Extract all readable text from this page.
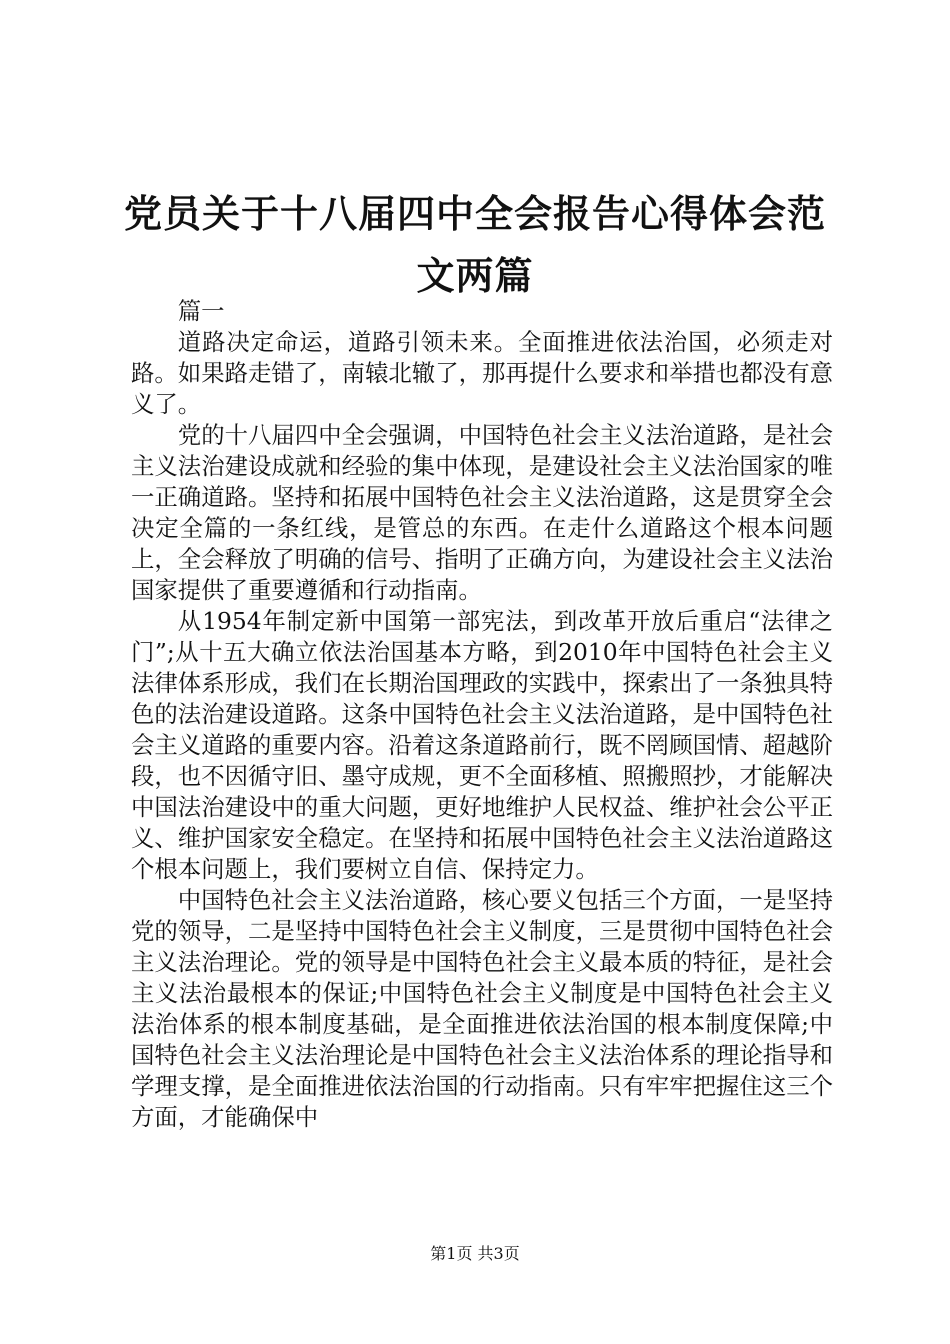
党员关于十八届四中全会报告心得体会范文两篇

篇一

道路决定命运，道路引领未来。全面推进依法治国，必须走对路。如果路走错了，南辕北辙了，那再提什么要求和举措也都没有意义了。

党的十八届四中全会强调，中国特色社会主义法治道路，是社会主义法治建设成就和经验的集中体现，是建设社会主义法治国家的唯一正确道路。坚持和拓展中国特色社会主义法治道路，这是贯穿全会决定全篇的一条红线，是管总的东西。在走什么道路这个根本问题上，全会释放了明确的信号、指明了正确方向，为建设社会主义法治国家提供了重要遵循和行动指南。

从1954年制定新中国第一部宪法，到改革开放后重启“法律之门”;从十五大确立依法治国基本方略，到2010年中国特色社会主义法律体系形成，我们在长期治国理政的实践中，探索出了一条独具特色的法治建设道路。这条中国特色社会主义法治道路，是中国特色社会主义道路的重要内容。沿着这条道路前行，既不罔顾国情、超越阶段，也不因循守旧、墨守成规，更不全面移植、照搬照抄，才能解决中国法治建设中的重大问题，更好地维护人民权益、维护社会公平正义、维护国家安全稳定。在坚持和拓展中国特色社会主义法治道路这个根本问题上，我们要树立自信、保持定力。

中国特色社会主义法治道路，核心要义包括三个方面，一是坚持党的领导，二是坚持中国特色社会主义制度，三是贯彻中国特色社会主义法治理论。党的领导是中国特色社会主义最本质的特征，是社会主义法治最根本的保证;中国特色社会主义制度是中国特色社会主义法治体系的根本制度基础，是全面推进依法治国的根本制度保障;中国特色社会主义法治理论是中国特色社会主义法治体系的理论指导和学理支撑，是全面推进依法治国的行动指南。只有牢牢把握住这三个方面，才能确保中

第1页 共3页
